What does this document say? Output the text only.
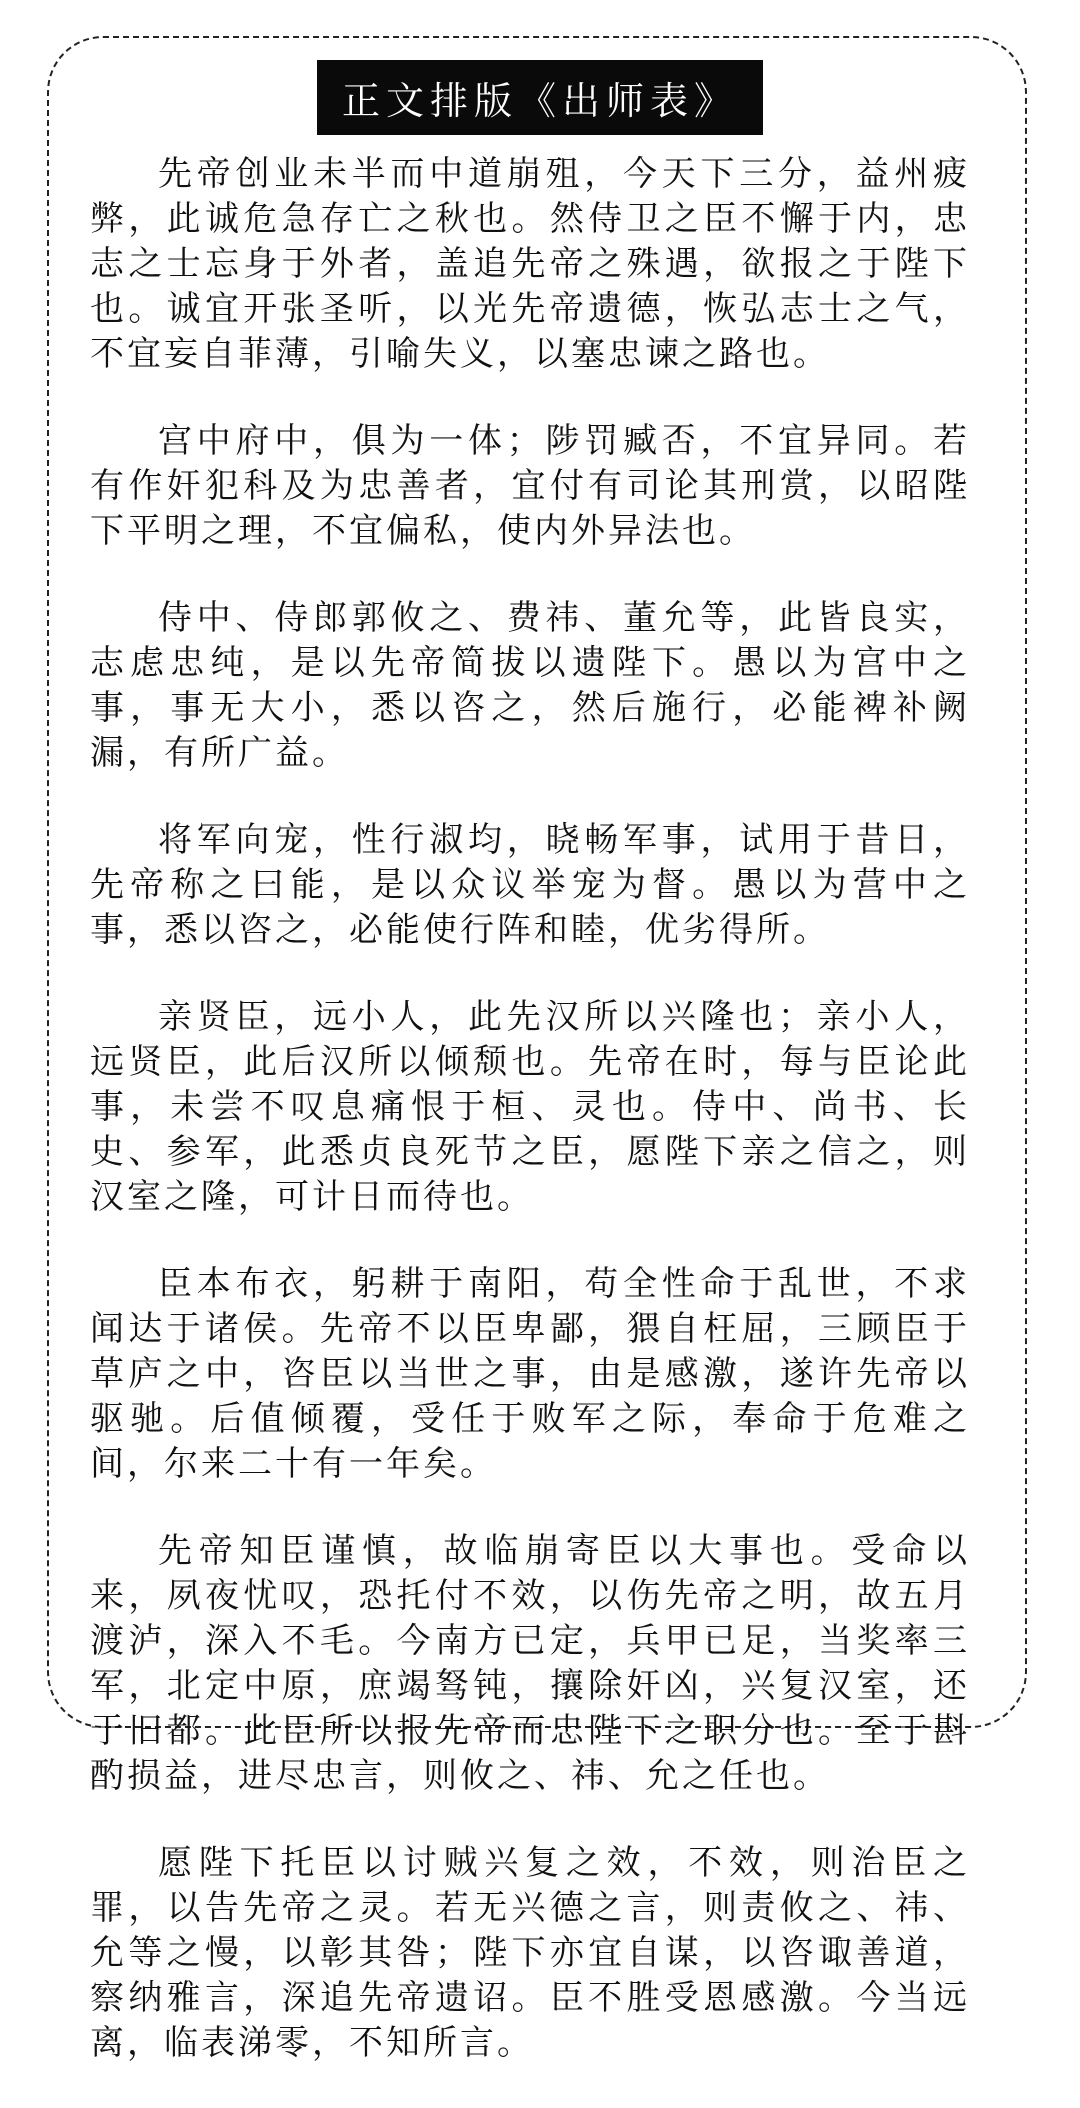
正文排版《出师表》

先帝创业未半而中道崩殂，今天下三分，益州疲弊，此诚危急存亡之秋也。然侍卫之臣不懈于内，忠志之士忘身于外者，盖追先帝之殊遇，欲报之于陛下也。诚宜开张圣听，以光先帝遗德，恢弘志士之气，不宜妄自菲薄，引喻失义，以塞忠谏之路也。

宫中府中，俱为一体；陟罚臧否，不宜异同。若有作奸犯科及为忠善者，宜付有司论其刑赏，以昭陛下平明之理，不宜偏私，使内外异法也。

侍中、侍郎郭攸之、费祎、董允等，此皆良实，志虑忠纯，是以先帝简拔以遗陛下。愚以为宫中之事，事无大小，悉以咨之，然后施行，必能裨补阙漏，有所广益。

将军向宠，性行淑均，晓畅军事，试用于昔日，先帝称之曰能，是以众议举宠为督。愚以为营中之事，悉以咨之，必能使行阵和睦，优劣得所。

亲贤臣，远小人，此先汉所以兴隆也；亲小人，远贤臣，此后汉所以倾颓也。先帝在时，每与臣论此事，未尝不叹息痛恨于桓、灵也。侍中、尚书、长史、参军，此悉贞良死节之臣，愿陛下亲之信之，则汉室之隆，可计日而待也。

臣本布衣，躬耕于南阳，苟全性命于乱世，不求闻达于诸侯。先帝不以臣卑鄙，猥自枉屈，三顾臣于草庐之中，咨臣以当世之事，由是感激，遂许先帝以驱驰。后值倾覆，受任于败军之际，奉命于危难之间，尔来二十有一年矣。

先帝知臣谨慎，故临崩寄臣以大事也。受命以来，夙夜忧叹，恐托付不效，以伤先帝之明，故五月渡泸，深入不毛。今南方已定，兵甲已足，当奖率三军，北定中原，庶竭驽钝，攘除奸凶，兴复汉室，还于旧都。此臣所以报先帝而忠陛下之职分也。至于斟酌损益，进尽忠言，则攸之、祎、允之任也。

愿陛下托臣以讨贼兴复之效，不效，则治臣之罪，以告先帝之灵。若无兴德之言，则责攸之、祎、允等之慢，以彰其咎；陛下亦宜自谋，以咨诹善道，察纳雅言，深追先帝遗诏。臣不胜受恩感激。今当远离，临表涕零，不知所言。
